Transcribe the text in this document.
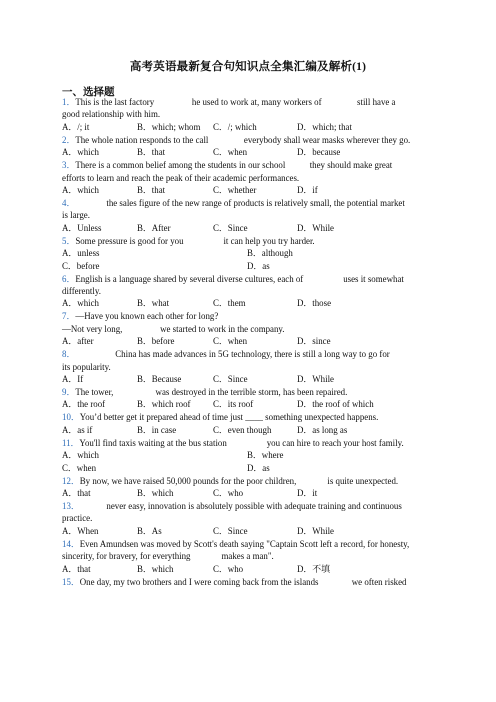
高考英语最新复合句知识点全集汇编及解析(1)
一、选择题
1．This is the last factory                 he used to work at, many workers of                still have a
good relationship with him.
A．/; it	B．which; whom C．/; which	D．which; that
2．The whole nation responds to the call                everybody shall wear masks wherever they go.
A．which	B．that	C．when	D．because
3．There is a common belief among the students in our school           they should make great
efforts to learn and reach the peak of their academic performances.
A．which	B．that	C．whether	D．if
4．              the sales figure of the new range of products is relatively small, the potential market
is large.
A．Unless	B．After	C．Since	D．While
5．Some pressure is good for you                  it can help you try harder.
A．unless	B．although
C．before	D．as
6．English is a language shared by several diverse cultures, each of                  uses it somewhat
differently.
A．which	B．what	C．them	D．those
7．—Have you known each other for long?
—Not very long,                 we started to work in the company.
A．after	B．before	C．when	D．since
8．                  China has made advances in 5G technology, there is still a long way to go for
its popularity.
A．If	B．Because	C．Since	D．While
9．The tower,                   was destroyed in the terrible storm, has been repaired.
A．the roof	B．which roof	C．its roof	D．the roof of which
10．You’d better get it prepared ahead of time just ____ something unexpected happens.
A．as if	B．in case	C．even though	D．as long as
11．You'll find taxis waiting at the bus station                  you can hire to reach your host family.
A．which	B．where
C．when	D．as
12．By now, we have raised 50,000 pounds for the poor children,              is quite unexpected.
A．that	B．which	C．who	D．it
13．            never easy, innovation is absolutely possible with adequate training and continuous
practice.
A．When	B．As	C．Since	D．While
14．Even Amundsen was moved by Scott's death saying "Captain Scott left a record, for honesty,
sincerity, for bravery, for everything              makes a man".
A．that	B．which	C．who	D．不填
15．One day, my two brothers and I were coming back from the islands               we often risked
